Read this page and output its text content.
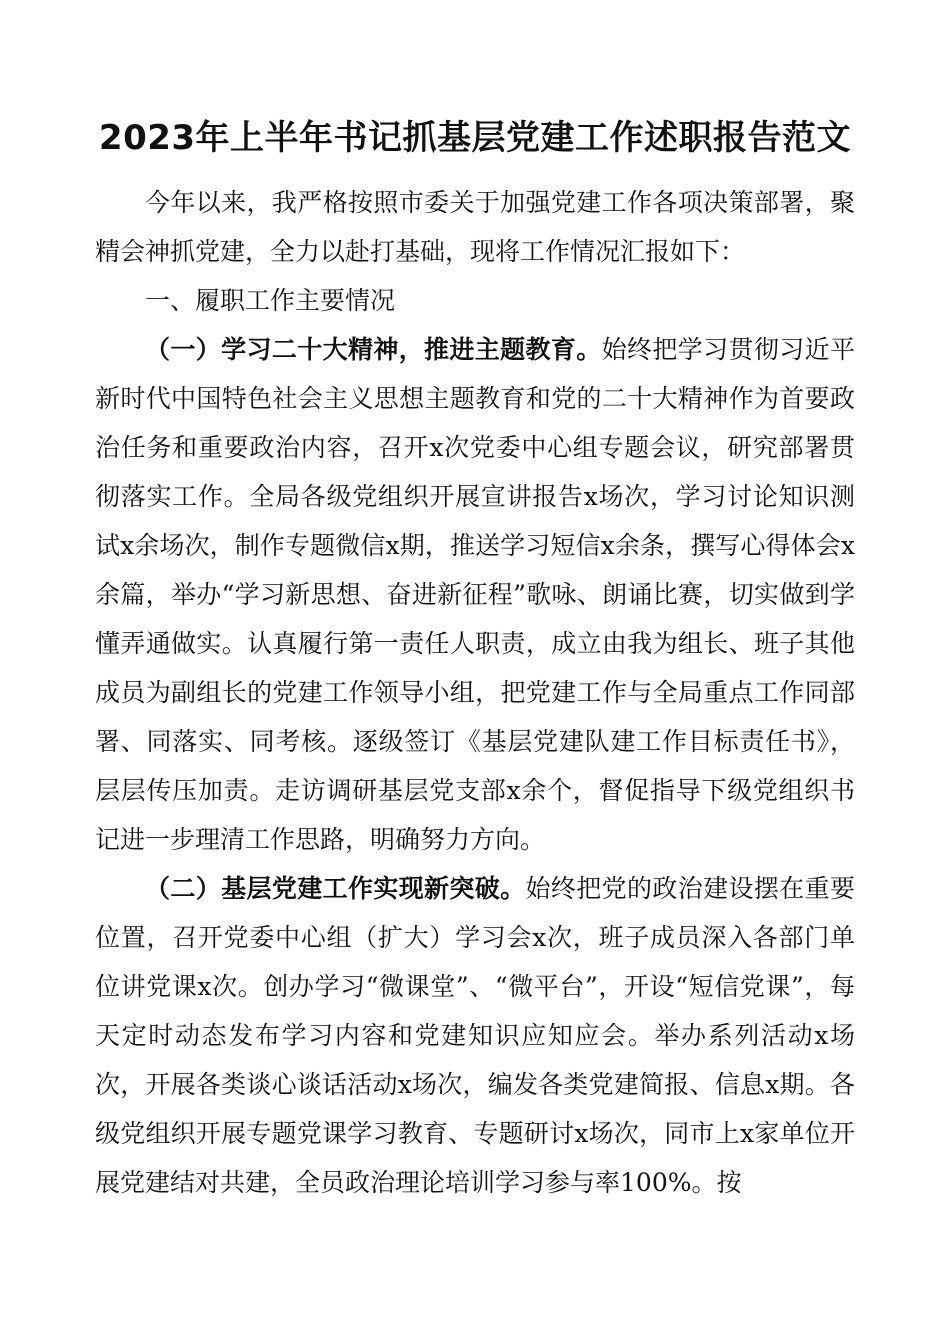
2023年上半年书记抓基层党建工作述职报告范文

今年以来，我严格按照市委关于加强党建工作各项决策部署，聚精会神抓党建，全力以赴打基础，现将工作情况汇报如下：

一、履职工作主要情况

（一）学习二十大精神，推进主题教育。始终把学习贯彻习近平新时代中国特色社会主义思想主题教育和党的二十大精神作为首要政治任务和重要政治内容，召开x次党委中心组专题会议，研究部署贯彻落实工作。全局各级党组织开展宣讲报告x场次，学习讨论知识测试x余场次，制作专题微信x期，推送学习短信x余条，撰写心得体会x余篇，举办“学习新思想、奋进新征程”歌咏、朗诵比赛，切实做到学懂弄通做实。认真履行第一责任人职责，成立由我为组长、班子其他成员为副组长的党建工作领导小组，把党建工作与全局重点工作同部署、同落实、同考核。逐级签订《基层党建队建工作目标责任书》，层层传压加责。走访调研基层党支部x余个，督促指导下级党组织书记进一步理清工作思路，明确努力方向。

（二）基层党建工作实现新突破。始终把党的政治建设摆在重要位置，召开党委中心组（扩大）学习会x次，班子成员深入各部门单位讲党课x次。创办学习“微课堂”、“微平台”，开设“短信党课”，每天定时动态发布学习内容和党建知识应知应会。举办系列活动x场次，开展各类谈心谈话活动x场次，编发各类党建简报、信息x期。各级党组织开展专题党课学习教育、专题研讨x场次，同市上x家单位开展党建结对共建，全员政治理论培训学习参与率100%。按
